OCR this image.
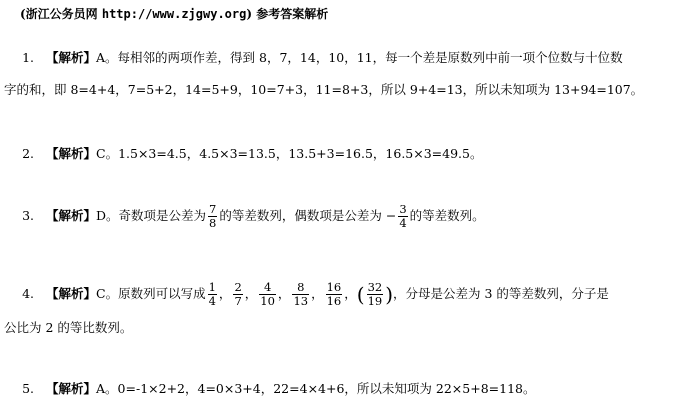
(浙江公务员网 http://www.zjgwy.org) 参考答案解析
1. 【解析】A。每相邻的两项作差，得到 8，7，14，10，11，每一个差是原数列中前一项个位数与十位数
字的和，即 8=4+4，7=5+2，14=5+9，10=7+3，11=8+3，所以 9+4=13，所以未知项为 13+94=107。
2. 【解析】C。1.5×3=4.5，4.5×3=13.5，13.5+3=16.5，16.5×3=49.5。
3. 【解析】D。奇数项是公差为 $\frac{7}{8}$ 的等差数列，偶数项是公差为 − $\frac{3}{4}$ 的等差数列。
4. 【解析】C。原数列可以写成 $\frac{1}{4}$ ， $\frac{2}{7}$ ， $\frac{4}{10}$ ， $\frac{8}{13}$ ， $\frac{16}{16}$ ，( $\frac{32}{19}$ )，分母是公差为 3 的等差数列，分子是
公比为 2 的等比数列。
5. 【解析】A。0=-1×2+2，4=0×3+4，22=4×4+6，所以未知项为 22×5+8=118。
